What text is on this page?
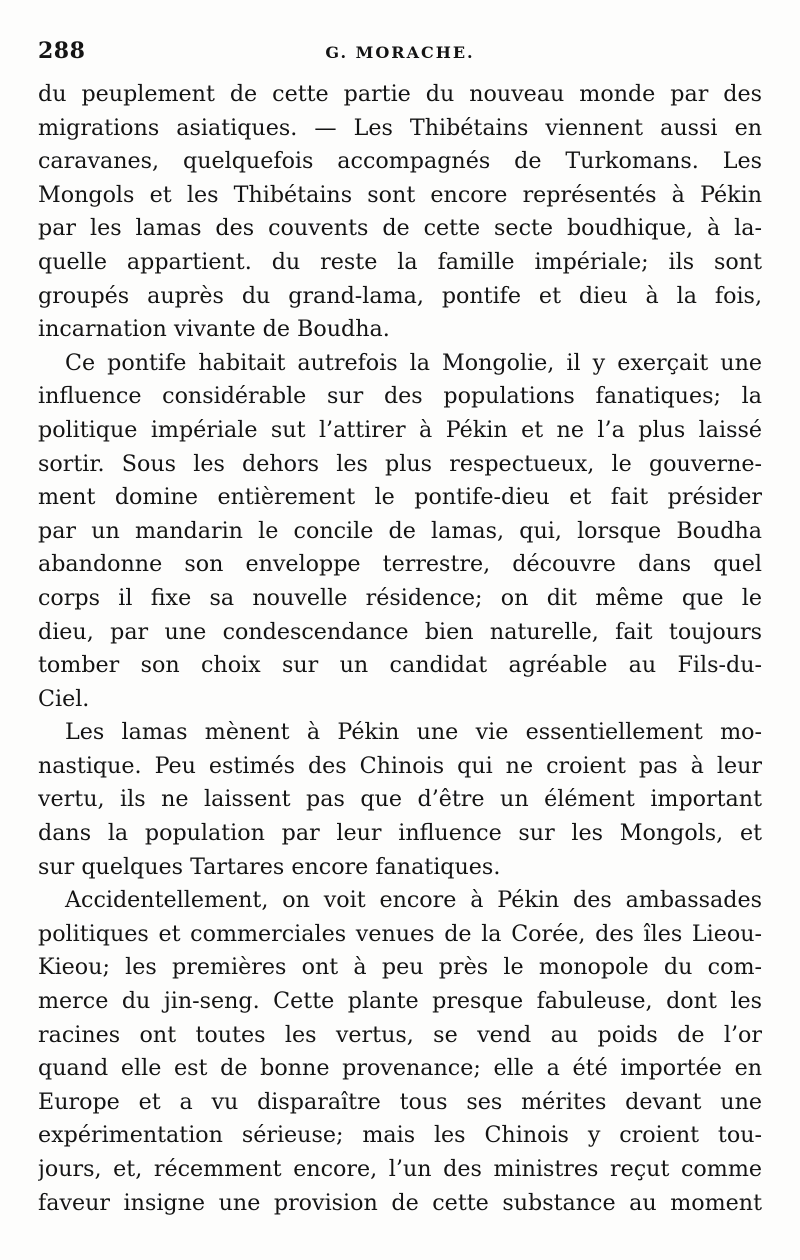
288	G. MORACHE.
du peuplement de cette partie du nouveau monde par des
migrations asiatiques. — Les Thibétains viennent aussi en
caravanes, quelquefois accompagnés de Turkomans. Les
Mongols et les Thibétains sont encore représentés à Pékin
par les lamas des couvents de cette secte boudhique, à la-
quelle appartient. du reste la famille impériale; ils sont
groupés auprès du grand-lama, pontife et dieu à la fois,
incarnation vivante de Boudha.
Ce pontife habitait autrefois la Mongolie, il y exerçait une
influence considérable sur des populations fanatiques; la
politique impériale sut l’attirer à Pékin et ne l’a plus laissé
sortir. Sous les dehors les plus respectueux, le gouverne-
ment domine entièrement le pontife-dieu et fait présider
par un mandarin le concile de lamas, qui, lorsque Boudha
abandonne son enveloppe terrestre, découvre dans quel
corps il fixe sa nouvelle résidence; on dit même que le
dieu, par une condescendance bien naturelle, fait toujours
tomber son choix sur un candidat agréable au Fils-du-
Ciel.
Les lamas mènent à Pékin une vie essentiellement mo-
nastique. Peu estimés des Chinois qui ne croient pas à leur
vertu, ils ne laissent pas que d’être un élément important
dans la population par leur influence sur les Mongols, et
sur quelques Tartares encore fanatiques.
Accidentellement, on voit encore à Pékin des ambassades
politiques et commerciales venues de la Corée, des îles Lieou-
Kieou; les premières ont à peu près le monopole du com-
merce du jin-seng. Cette plante presque fabuleuse, dont les
racines ont toutes les vertus, se vend au poids de l’or
quand elle est de bonne provenance; elle a été importée en
Europe et a vu disparaître tous ses mérites devant une
expérimentation sérieuse; mais les Chinois y croient tou-
jours, et, récemment encore, l’un des ministres reçut comme
faveur insigne une provision de cette substance au moment
